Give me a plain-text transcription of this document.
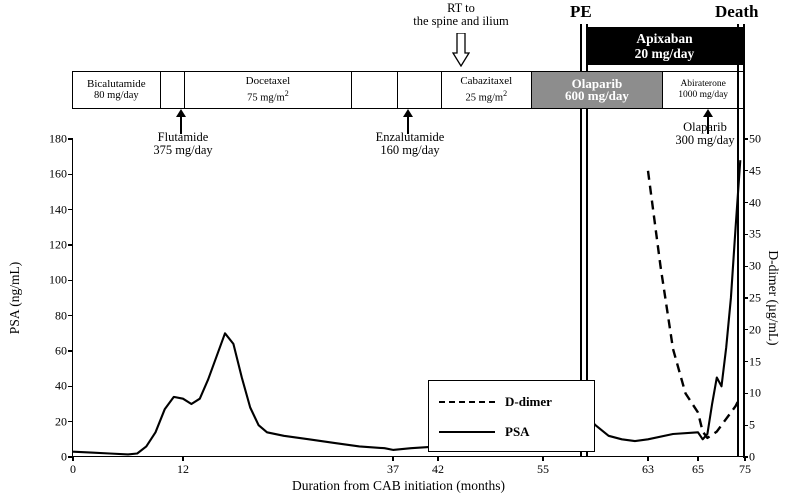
PE	Death
RT to
the spine and ilium
Apixaban
20 mg/day
Bicalutamide
80 mg/day
Docetaxel
75 $mg/m^2$
Cabazitaxel
25 $mg/m^2$
Olaparib
600 mg/day
Abiraterone
1000 mg/day
Flutamide
375 mg/day
Enzalutamide
160 mg/day
Olaparib
300 mg/day
PSA (ng/mL)	D-dimer (µg/mL)
Duration from CAB initiation (months)
D-dimer
PSA
0
20
40
60
80
100
120
140
160
180
0
5
10
15
20
25
30
35
40
45
50
0	12	37	42	55	63	65	75
